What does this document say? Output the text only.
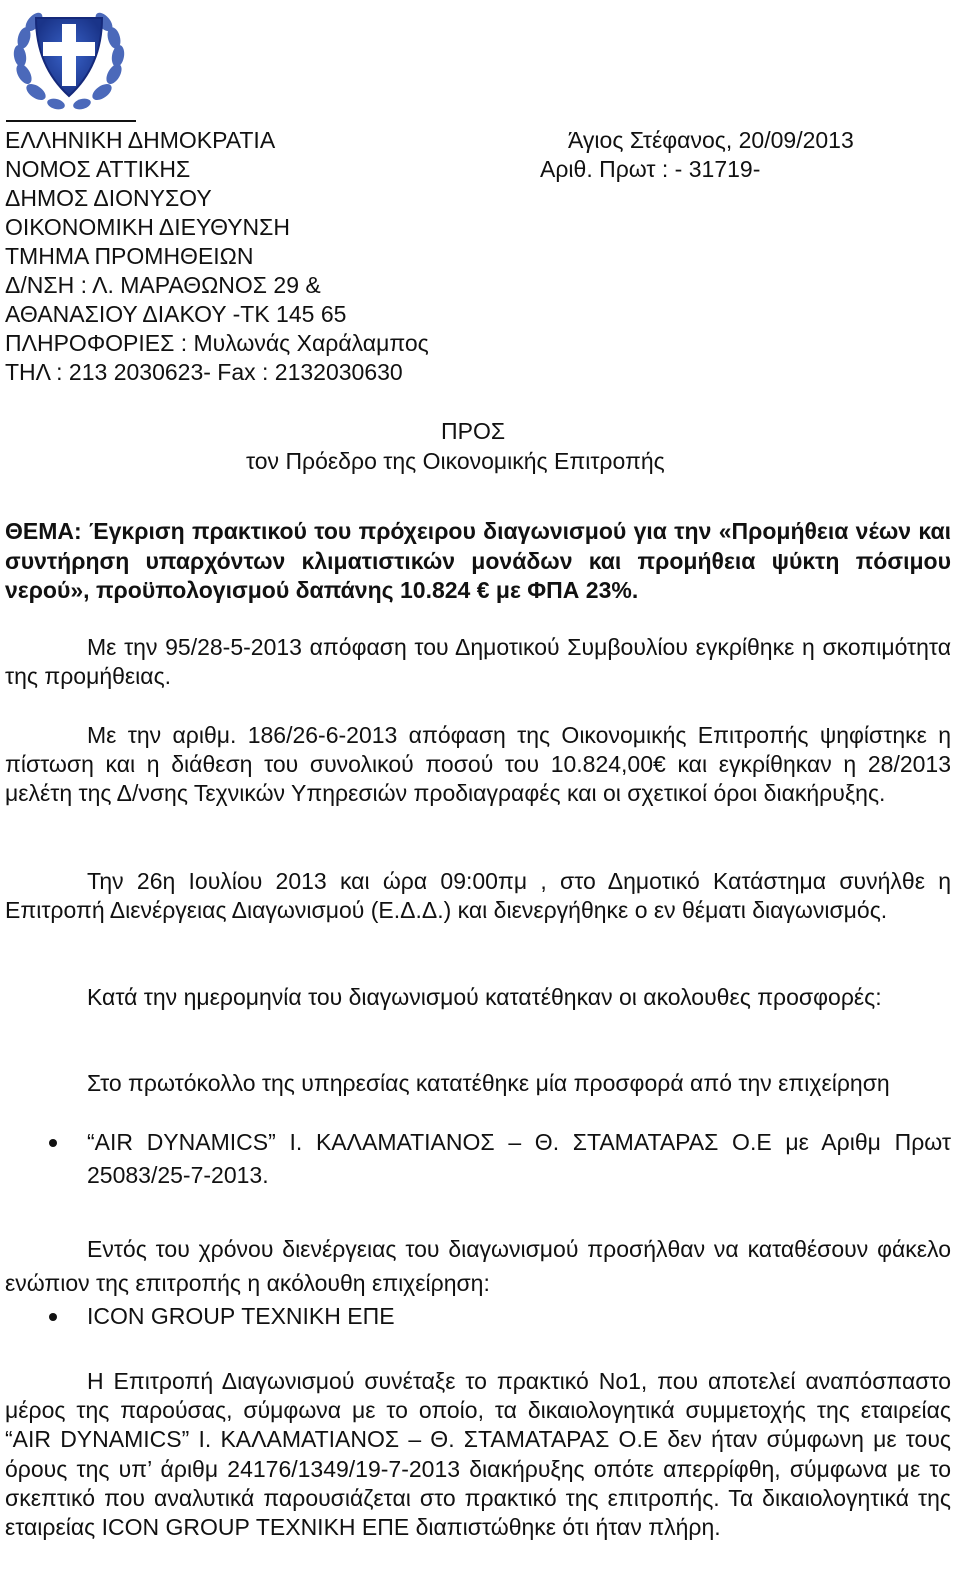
ΕΛΛΗΝΙΚΗ ΔΗΜΟΚΡΑΤΙΑ
ΝΟΜΟΣ ΑΤΤΙΚΗΣ
ΔΗΜΟΣ ΔΙΟΝΥΣΟΥ
ΟΙΚΟΝΟΜΙΚΗ ΔΙΕΥΘΥΝΣΗ
ΤΜΗΜΑ ΠΡΟΜΗΘΕΙΩΝ
Δ/ΝΣΗ : Λ. ΜΑΡΑΘΩΝΟΣ 29 &
ΑΘΑΝΑΣΙΟΥ ΔΙΑΚΟΥ -ΤΚ 145 65
ΠΛΗΡΟΦΟΡΙΕΣ : Μυλωνάς Χαράλαμπος
ΤΗΛ : 213 2030623- Fax : 2132030630
Άγιος Στέφανος, 20/09/2013
Αριθ. Πρωτ : - 31719-
ΠΡΟΣ
τον Πρόεδρο της Οικονομικής Επιτροπής
ΘΕΜΑ: Έγκριση πρακτικού του πρόχειρου διαγωνισμού για την «Προμήθεια νέων και συντήρηση υπαρχόντων κλιματιστικών μονάδων και προμήθεια ψύκτη πόσιμου νερού», προϋπολογισμού δαπάνης 10.824 € με ΦΠΑ 23%.
Με την 95/28-5-2013 απόφαση του Δημοτικού Συμβουλίου εγκρίθηκε η σκοπιμότητα της προμήθειας.
Με την αριθμ. 186/26-6-2013 απόφαση της Οικονομικής Επιτροπής ψηφίστηκε η πίστωση και η διάθεση του συνολικού ποσού του 10.824,00€ και εγκρίθηκαν η 28/2013 μελέτη της Δ/νσης Τεχνικών Υπηρεσιών προδιαγραφές και οι σχετικοί όροι διακήρυξης.
Την 26η Ιουλίου 2013 και ώρα 09:00πμ , στο Δημοτικό Κατάστημα συνήλθε η Επιτροπή Διενέργειας Διαγωνισμού (Ε.Δ.Δ.) και διενεργήθηκε ο εν θέματι διαγωνισμός.
Κατά την ημερομηνία του διαγωνισμού κατατέθηκαν οι ακολουθες προσφορές:
Στο πρωτόκολλο της υπηρεσίας κατατέθηκε μία προσφορά από την επιχείρηση
“AIR DYNAMICS” Ι. ΚΑΛΑΜΑΤΙΑΝΟΣ – Θ. ΣΤΑΜΑΤΑΡΑΣ Ο.Ε με Αριθμ Πρωτ 25083/25-7-2013.
Εντός του χρόνου διενέργειας του διαγωνισμού προσήλθαν να καταθέσουν φάκελο ενώπιον της επιτροπής η ακόλουθη επιχείρηση:
ICON GROUP ΤΕΧΝΙΚΗ ΕΠΕ
Η Επιτροπή Διαγωνισμού συνέταξε το πρακτικό Νο1, που αποτελεί αναπόσπαστο μέρος της παρούσας, σύμφωνα με το οποίο, τα δικαιολογητικά συμμετοχής της εταιρείας “AIR DYNAMICS” Ι. ΚΑΛΑΜΑΤΙΑΝΟΣ – Θ. ΣΤΑΜΑΤΑΡΑΣ Ο.Ε δεν ήταν σύμφωνη με τους όρους της υπ’ άριθμ 24176/1349/19-7-2013 διακήρυξης οπότε απερρίφθη, σύμφωνα με το σκεπτικό που αναλυτικά παρουσιάζεται στο πρακτικό της επιτροπής. Τα δικαιολογητικά της εταιρείας ICON GROUP ΤΕΧΝΙΚΗ ΕΠΕ διαπιστώθηκε ότι ήταν πλήρη.
